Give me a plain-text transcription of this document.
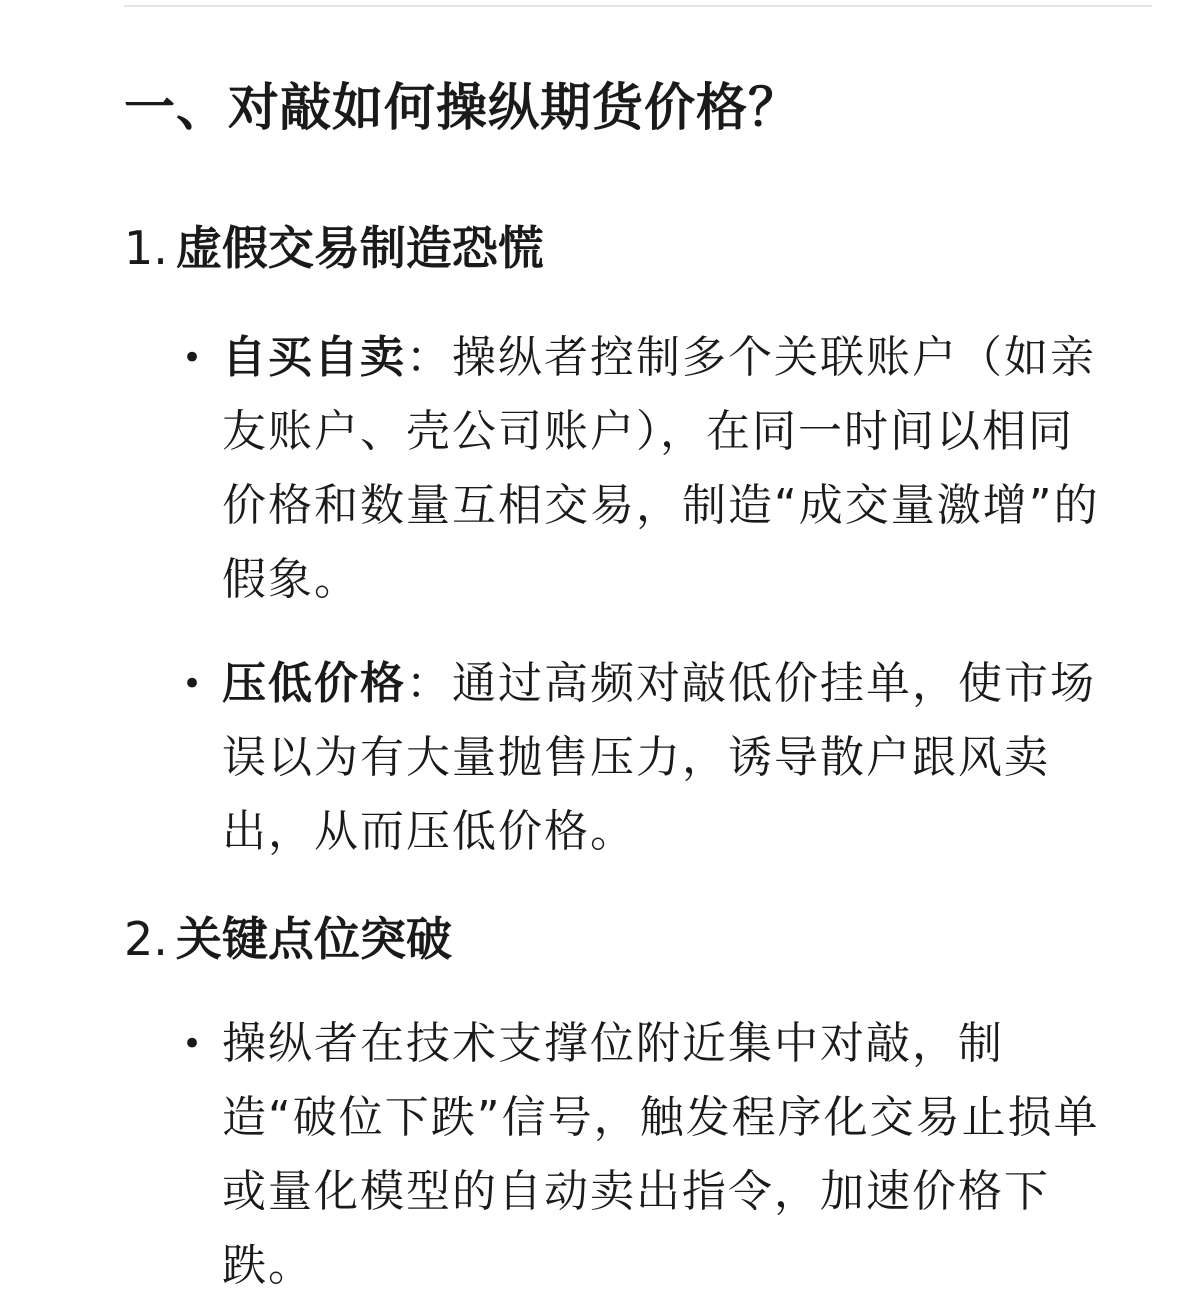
一、对敲如何操纵期货价格？
1. 虚假交易制造恐慌
• 自买自卖：操纵者控制多个关联账户（如亲友账户、壳公司账户），在同一时间以相同价格和数量互相交易，制造“成交量激增”的假象。
• 压低价格：通过高频对敲低价挂单，使市场误以为有大量抛售压力，诱导散户跟风卖出，从而压低价格。
2. 关键点位突破
• 操纵者在技术支撑位附近集中对敲，制造“破位下跌”信号，触发程序化交易止损单或量化模型的自动卖出指令，加速价格下跌。
